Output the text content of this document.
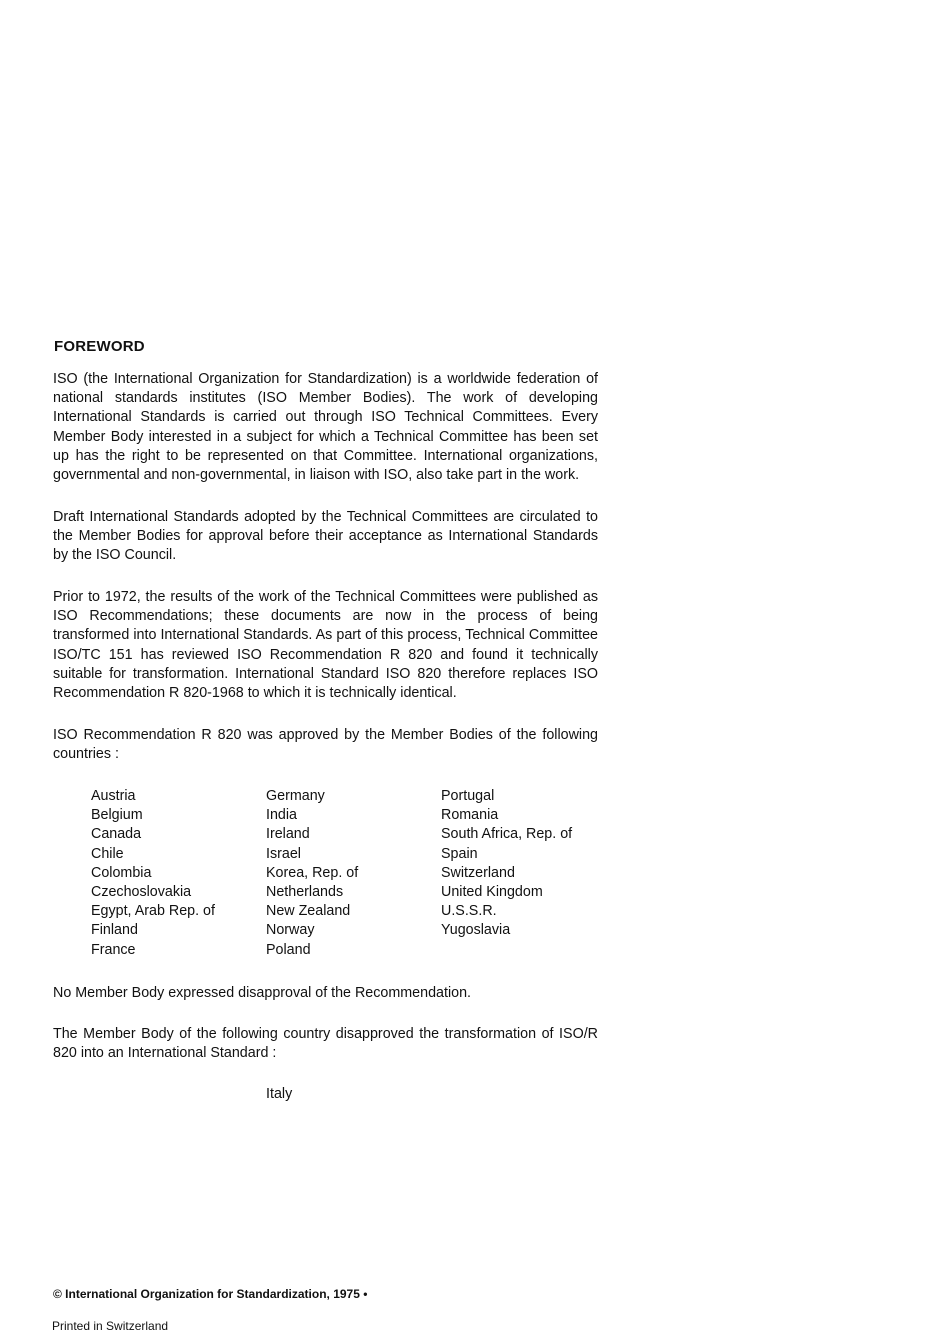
FOREWORD

ISO (the International Organization for Standardization) is a worldwide federation of national standards institutes (ISO Member Bodies). The work of developing International Standards is carried out through ISO Technical Committees. Every Member Body interested in a subject for which a Technical Committee has been set up has the right to be represented on that Committee. International organizations, governmental and non-governmental, in liaison with ISO, also take part in the work.

Draft International Standards adopted by the Technical Committees are circulated to the Member Bodies for approval before their acceptance as International Standards by the ISO Council.

Prior to 1972, the results of the work of the Technical Committees were published as ISO Recommendations; these documents are now in the process of being transformed into International Standards. As part of this process, Technical Committee ISO/TC 151 has reviewed ISO Recommendation R 820 and found it technically suitable for transformation. International Standard ISO 820 therefore replaces ISO Recommendation R 820-1968 to which it is technically identical.

ISO Recommendation R 820 was approved by the Member Bodies of the following countries :

Austria
Belgium
Canada
Chile
Colombia
Czechoslovakia
Egypt, Arab Rep. of
Finland
France
Germany
India
Ireland
Israel
Korea, Rep. of
Netherlands
New Zealand
Norway
Poland
Portugal
Romania
South Africa, Rep. of
Spain
Switzerland
United Kingdom
U.S.S.R.
Yugoslavia

No Member Body expressed disapproval of the Recommendation.

The Member Body of the following country disapproved the transformation of ISO/R 820 into an International Standard :

Italy
© International Organization for Standardization, 1975 •
Printed in Switzerland
